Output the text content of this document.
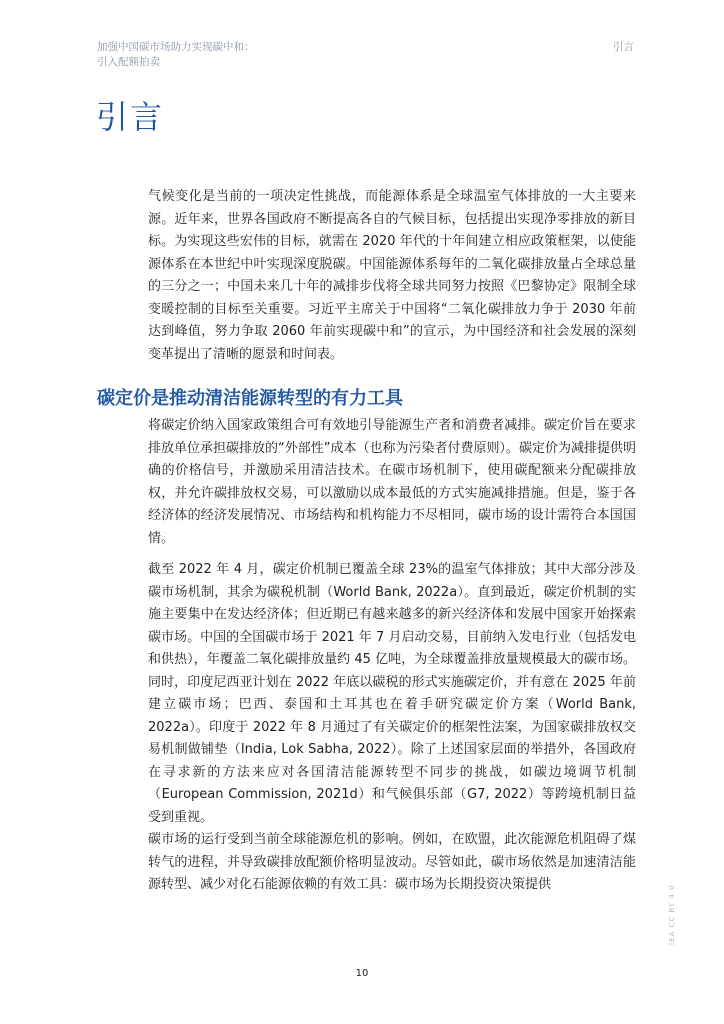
加强中国碳市场助力实现碳中和：
引入配额拍卖
引言
引言

气候变化是当前的一项决定性挑战，而能源体系是全球温室气体排放的一大主要来源。近年来，世界各国政府不断提高各自的气候目标，包括提出实现净零排放的新目标。为实现这些宏伟的目标，就需在 2020 年代的十年间建立相应政策框架，以使能源体系在本世纪中叶实现深度脱碳。中国能源体系每年的二氧化碳排放量占全球总量的三分之一；中国未来几十年的减排步伐将全球共同努力按照《巴黎协定》限制全球变暖控制的目标至关重要。习近平主席关于中国将“二氧化碳排放力争于 2030 年前达到峰值，努力争取 2060 年前实现碳中和”的宣示，为中国经济和社会发展的深刻变革提出了清晰的愿景和时间表。

碳定价是推动清洁能源转型的有力工具

将碳定价纳入国家政策组合可有效地引导能源生产者和消费者减排。碳定价旨在要求排放单位承担碳排放的“外部性”成本（也称为污染者付费原则）。碳定价为减排提供明确的价格信号，并激励采用清洁技术。在碳市场机制下，使用碳配额来分配碳排放权，并允许碳排放权交易，可以激励以成本最低的方式实施减排措施。但是，鉴于各经济体的经济发展情况、市场结构和机构能力不尽相同，碳市场的设计需符合本国国情。

截至 2022 年 4 月，碳定价机制已覆盖全球 23%的温室气体排放；其中大部分涉及碳市场机制，其余为碳税机制（World Bank, 2022a）。直到最近，碳定价机制的实施主要集中在发达经济体；但近期已有越来越多的新兴经济体和发展中国家开始探索碳市场。中国的全国碳市场于 2021 年 7 月启动交易，目前纳入发电行业（包括发电和供热），年覆盖二氧化碳排放量约 45 亿吨，为全球覆盖排放量规模最大的碳市场。同时，印度尼西亚计划在 2022 年底以碳税的形式实施碳定价，并有意在 2025 年前建立碳市场；巴西、泰国和土耳其也在着手研究碳定价方案（World Bank, 2022a）。印度于 2022 年 8 月通过了有关碳定价的框架性法案，为国家碳排放权交易机制做铺垫（India, Lok Sabha, 2022）。除了上述国家层面的举措外，各国政府在寻求新的方法来应对各国清洁能源转型不同步的挑战，如碳边境调节机制（European Commission, 2021d）和气候俱乐部（G7, 2022）等跨境机制日益受到重视。

碳市场的运行受到当前全球能源危机的影响。例如，在欧盟，此次能源危机阻碍了煤转气的进程，并导致碳排放配额价格明显波动。尽管如此，碳市场依然是加速清洁能源转型、减少对化石能源依赖的有效工具：碳市场为长期投资决策提供

10
IEA CC BY 4.0
